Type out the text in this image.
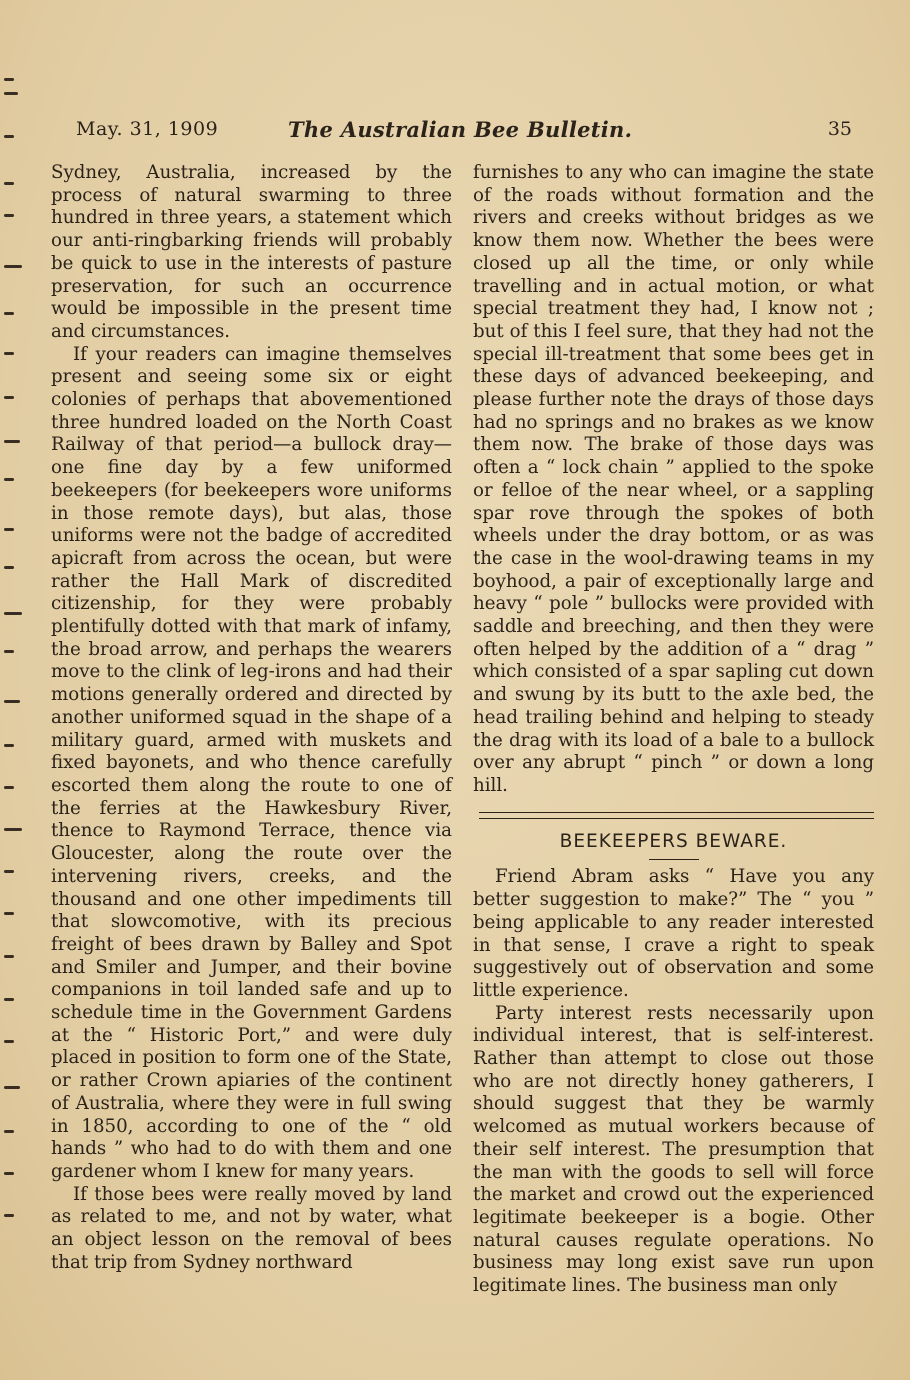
May. 31, 1909	The Australian Bee Bulletin.	35

Sydney, Australia, increased by the process of natural swarming to three hundred in three years, a statement which our anti-ringbarking friends will probably be quick to use in the interests of pasture preservation, for such an occurrence would be impossible in the present time and circumstances.

If your readers can imagine themselves present and seeing some six or eight colonies of perhaps that abovementioned three hundred loaded on the North Coast Railway of that period—a bullock dray—one fine day by a few uniformed beekeepers (for beekeepers wore uniforms in those remote days), but alas, those uniforms were not the badge of accredited apicraft from across the ocean, but were rather the Hall Mark of discredited citizenship, for they were probably plentifully dotted with that mark of infamy, the broad arrow, and perhaps the wearers move to the clink of leg-irons and had their motions generally ordered and directed by another uniformed squad in the shape of a military guard, armed with muskets and fixed bayonets, and who thence carefully escorted them along the route to one of the ferries at the Hawkesbury River, thence to Raymond Terrace, thence via Gloucester, along the route over the intervening rivers, creeks, and the thousand and one other impediments till that slowcomotive, with its precious freight of bees drawn by Balley and Spot and Smiler and Jumper, and their bovine companions in toil landed safe and up to schedule time in the Government Gardens at the “ Historic Port,” and were duly placed in position to form one of the State, or rather Crown apiaries of the continent of Australia, where they were in full swing in 1850, according to one of the “ old hands ” who had to do with them and one gardener whom I knew for many years.

If those bees were really moved by land as related to me, and not by water, what an object lesson on the removal of bees that trip from Sydney northward

furnishes to any who can imagine the state of the roads without formation and the rivers and creeks without bridges as we know them now. Whether the bees were closed up all the time, or only while travelling and in actual motion, or what special treatment they had, I know not ; but of this I feel sure, that they had not the special ill-treatment that some bees get in these days of advanced beekeeping, and please further note the drays of those days had no springs and no brakes as we know them now. The brake of those days was often a “ lock chain ” applied to the spoke or felloe of the near wheel, or a sappling spar rove through the spokes of both wheels under the dray bottom, or as was the case in the wool-drawing teams in my boyhood, a pair of exceptionally large and heavy “ pole ” bullocks were provided with saddle and breeching, and then they were often helped by the addition of a “ drag ” which consisted of a spar sapling cut down and swung by its butt to the axle bed, the head trailing behind and helping to steady the drag with its load of a bale to a bullock over any abrupt “ pinch ” or down a long hill.

BEEKEEPERS BEWARE.

Friend Abram asks “ Have you any better suggestion to make?” The “ you ” being applicable to any reader interested in that sense, I crave a right to speak suggestively out of observation and some little experience.

Party interest rests necessarily upon individual interest, that is self-interest. Rather than attempt to close out those who are not directly honey gatherers, I should suggest that they be warmly welcomed as mutual workers because of their self interest. The presumption that the man with the goods to sell will force the market and crowd out the experienced legitimate beekeeper is a bogie. Other natural causes regulate operations. No business may long exist save run upon legitimate lines. The business man only
